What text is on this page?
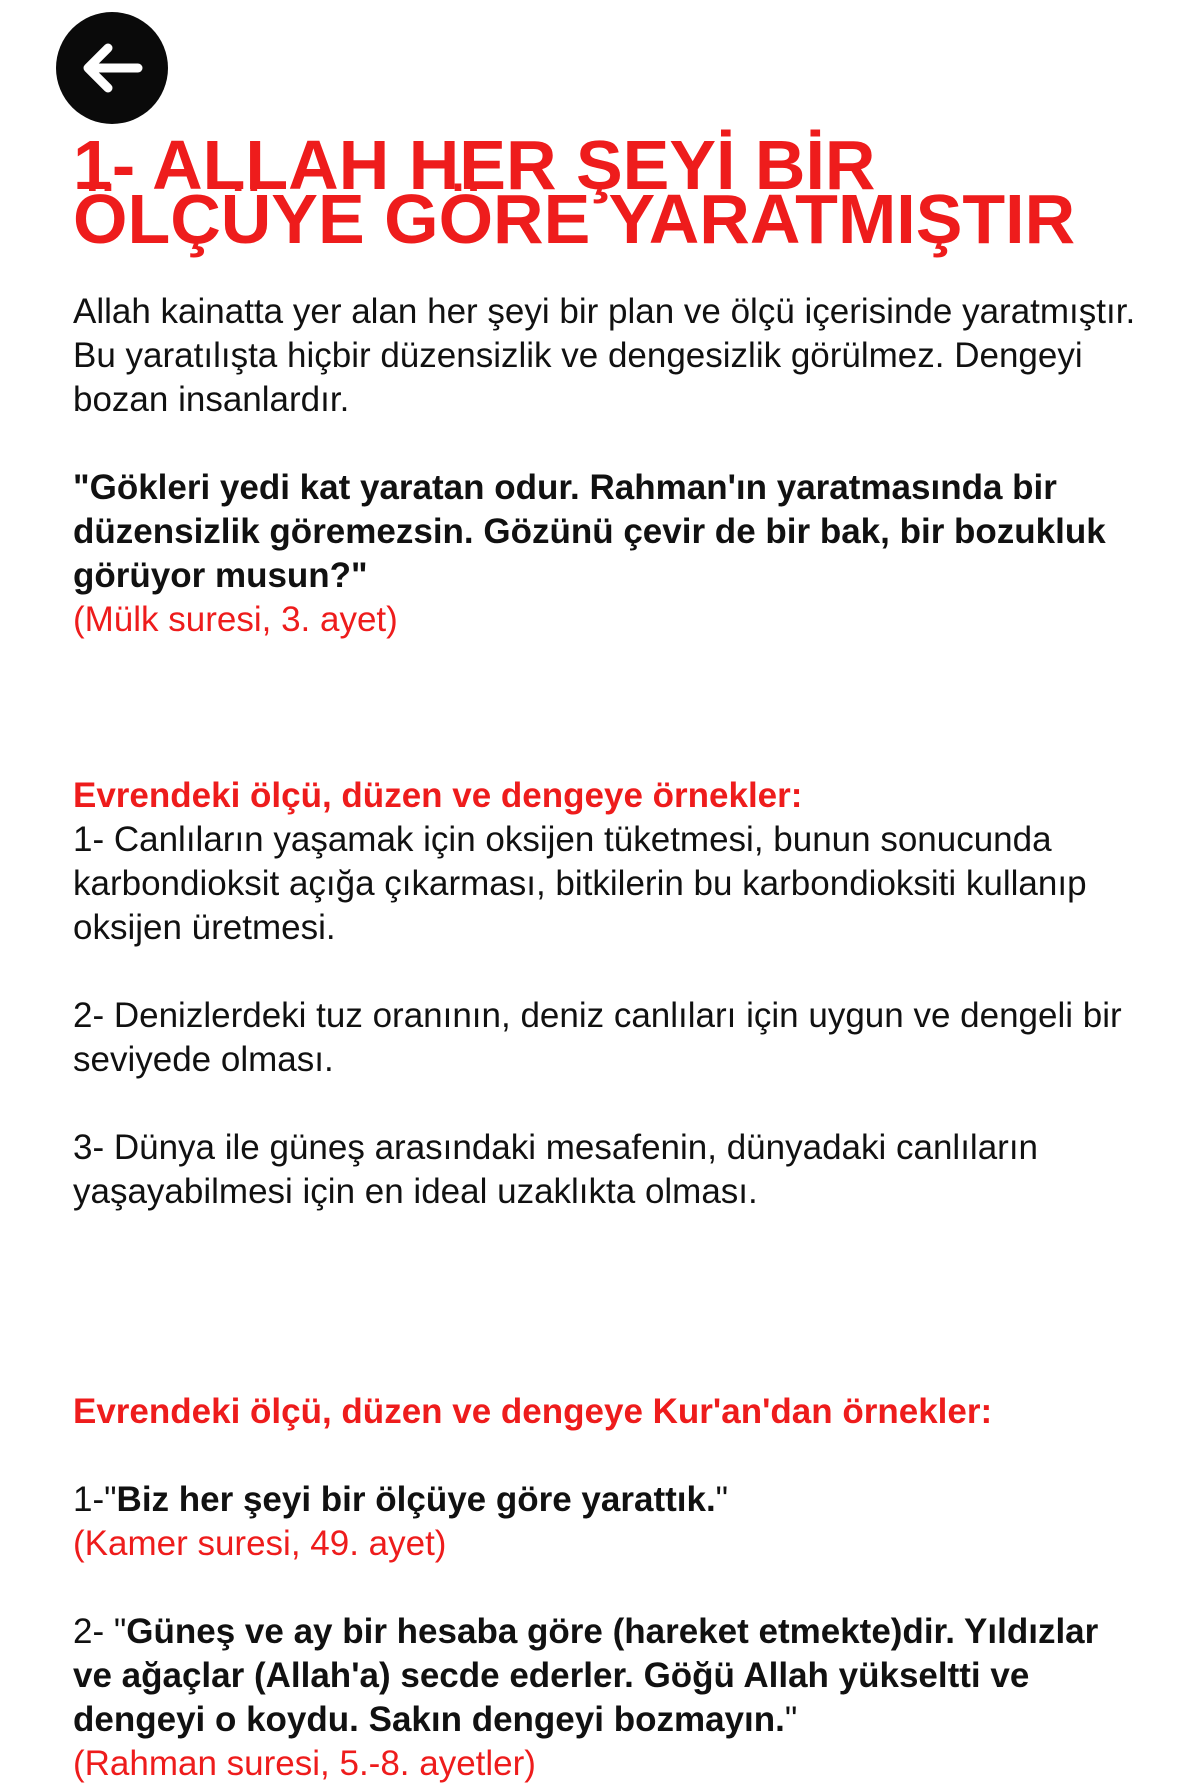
1- ALLAH HER ŞEYİ BİR ÖLÇÜYE GÖRE YARATMIŞTIR

Allah kainatta yer alan her şeyi bir plan ve ölçü içerisinde yaratmıştır. Bu yaratılışta hiçbir düzensizlik ve dengesizlik görülmez. Dengeyi bozan insanlardır.

"Gökleri yedi kat yaratan odur. Rahman'ın yaratmasında bir düzensizlik göremezsin. Gözünü çevir de bir bak, bir bozukluk görüyor musun?"

(Mülk suresi, 3. ayet)

Evrendeki ölçü, düzen ve dengeye örnekler:

1- Canlıların yaşamak için oksijen tüketmesi, bunun sonucunda karbondioksit açığa çıkarması, bitkilerin bu karbondioksiti kullanıp oksijen üretmesi.

2- Denizlerdeki tuz oranının, deniz canlıları için uygun ve dengeli bir seviyede olması.

3- Dünya ile güneş arasındaki mesafenin, dünyadaki canlıların yaşayabilmesi için en ideal uzaklıkta olması.

Evrendeki ölçü, düzen ve dengeye Kur'an'dan örnekler:

1-"Biz her şeyi bir ölçüye göre yarattık."

(Kamer suresi, 49. ayet)

2- "Güneş ve ay bir hesaba göre (hareket etmekte)dir. Yıldızlar ve ağaçlar (Allah'a) secde ederler. Göğü Allah yükseltti ve dengeyi o koydu. Sakın dengeyi bozmayın."

(Rahman suresi, 5.-8. ayetler)
